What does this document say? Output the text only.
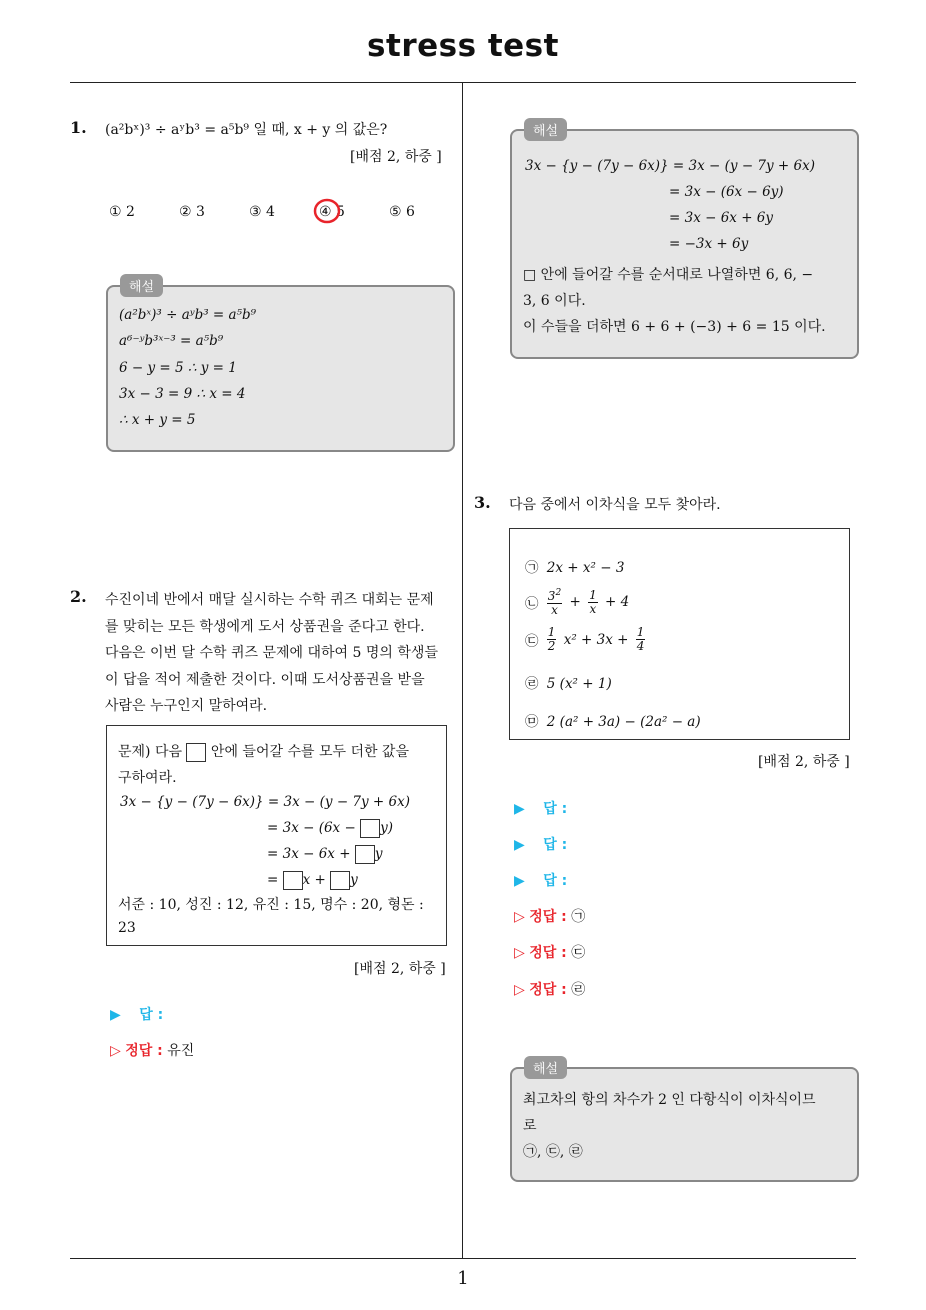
stress test
1. (a²bˣ)³ ÷ aʸb³ = a⁵b⁹ 일 때, x + y 의 값은?
[배점 2, 하중 ]
① 2	② 3	③ 4	④ 5	⑤ 6
해설
(a²bˣ)³ ÷ aʸb³ = a⁵b⁹
a⁶⁻ʸb³ˣ⁻³ = a⁵b⁹
6 − y = 5 ∴ y = 1
3x − 3 = 9 ∴ x = 4
∴ x + y = 5
2. 수진이네 반에서 매달 실시하는 수학 퀴즈 대회는 문제
를 맞히는 모든 학생에게 도서 상품권을 준다고 한다.
다음은 이번 달 수학 퀴즈 문제에 대하여 5 명의 학생들
이 답을 적어 제출한 것이다. 이때 도서상품권을 받을
사람은 누구인지 말하여라.
문제) 다음 안에 들어갈 수를 모두 더한 값을
구하여라.
3x − {y − (7y − 6x)} = 3x − (y − 7y + 6x)
= 3x − (6x − y)
= 3x − 6x + y
= x + y
서준 : 10, 성진 : 12, 유진 : 15, 명수 : 20, 형돈 :
23
[배점 2, 하중 ]
▶ 답 :
▷ 정답 : 유진
해설
3x − {y − (7y − 6x)} = 3x − (y − 7y + 6x)
= 3x − (6x − 6y)
= 3x − 6x + 6y
= −3x + 6y
□ 안에 들어갈 수를 순서대로 나열하면 6, 6, −
3, 6 이다.
이 수들을 더하면 6 + 6 + (−3) + 6 = 15 이다.
3. 다음 중에서 이차식을 모두 찾아라.
㉠ 2x + x² − 3
㉡ $\frac{3^2}{x} + \frac{1}{x} + 4$
㉢ $\frac{1}{2} x^2 + 3x + \frac{1}{4}$
㉣ 5 (x² + 1)
㉤ 2 (a² + 3a) − (2a² − a)
[배점 2, 하중 ]
▶ 답 :
▶ 답 :
▶ 답 :
▷ 정답 : ㉠
▷ 정답 : ㉢
▷ 정답 : ㉣
해설
최고차의 항의 차수가 2 인 다항식이 이차식이므
로
㉠, ㉢, ㉣
1
